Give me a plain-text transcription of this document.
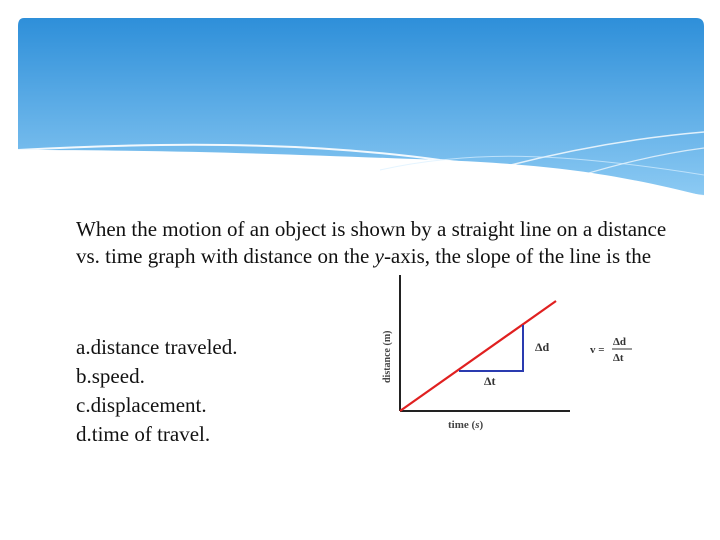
When the motion of an object is shown by a straight line on a distance vs. time graph with distance on the y-axis, the slope of the line is the

a.distance traveled.
b.speed.
c.displacement.
d.time of travel.
Δd
Δt
distance (m)
time (s)
v =
Δd
Δt
